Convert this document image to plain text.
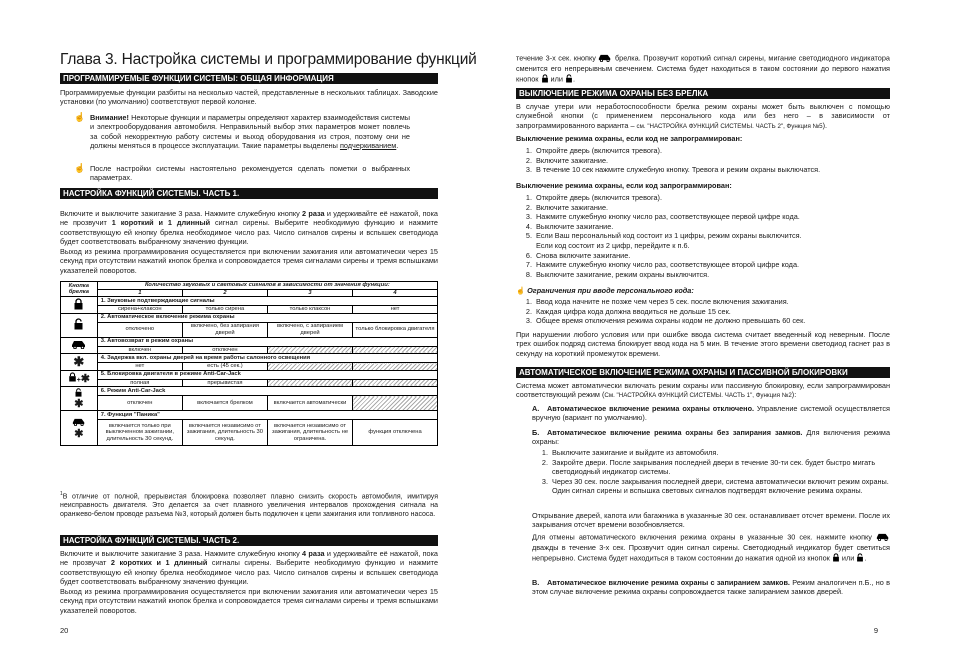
Глава 3. Настройка системы и программирование функций
ПРОГРАММИРУЕМЫЕ ФУНКЦИИ СИСТЕМЫ: ОБЩАЯ ИНФОРМАЦИЯ
Программируемые функции разбиты на несколько частей, представленные в нескольких таблицах. Заводские установки (по умолчанию) соответствуют первой колонке.
☝ Внимание! Некоторые функции и параметры определяют характер взаимодействия системы и электрооборудования автомобиля. Неправильный выбор этих параметров может повлечь за собой некорректную работу системы и выход оборудования из строя, поэтому они не должны меняться в процессе эксплуатации. Такие параметры выделены подчеркиванием.
☝ После настройки системы настоятельно рекомендуется сделать пометки о выбранных параметрах.
НАСТРОЙКА ФУНКЦИЙ СИСТЕМЫ. ЧАСТЬ 1.
Включите и выключите зажигание 3 раза. Нажмите служебную кнопку 2 раза и удерживайте её нажатой, пока не прозвучит 1 короткий и 1 длинный сигнал сирены. Выберите необходимую функцию и нажмите соответствующую ей кнопку брелка необходимое число раз. Число сигналов сирены и вспышек светодиода будет соответствовать выбранному значению функции.
Выход из режима программирования осуществляется при включении зажигания или автоматически через 15 секунд при отсутствии нажатий кнопок брелка и сопровождается тремя сигналами сирены и тремя вспышками указателей поворотов.
Кнопка брелка	Количество звуковых и световых сигналов в зависимости от значения функции:			
	1	2	3	4
	1. Звуковые подтверждающие сигналы			
	сирена+клаксон	только сирена	только клаксон	нет
	2. Автоматическое включение режима охраны			
	отключено	включено, без запирания дверей	включено, с запиранием дверей	только блокировка двигателя
	3. Автовозврат в режим охраны			
	включен	отключен		
✱	4. Задержка вкл. охраны дверей на время работы салонного освещения			
	нет	есть (45 сек.)		
+✱	5. Блокировка двигателя в режиме Anti-Car-Jack			
	полная	прерывистая		

✱	6. Режим Anti-Car-Jack			
	отключен	включается брелком	включается автоматически	

✱	7. Функция "Паника"			
	включается только при выключенном зажигании, длительность 30 секунд.	включается независимо от зажигания, длительность 30 секунд.	включается независимо от зажигания, длительность не ограничена.	функция отключена
$^1$В отличие от полной, прерывистая блокировка позволяет плавно снизить скорость автомобиля, имитируя неисправность двигателя. Это делается за счет плавного увеличения интервалов прохождения сигнала на оранжево-белом проводе разъема №3, который должен быть подключен к цепи зажигания или топливного насоса.
НАСТРОЙКА ФУНКЦИЙ СИСТЕМЫ. ЧАСТЬ 2.
Включите и выключите зажигание 3 раза. Нажмите служебную кнопку 4 раза и удерживайте её нажатой, пока не прозвучат 2 коротких и 1 длинный сигналы сирены. Выберите необходимую функцию и нажмите соответствующую ей кнопку брелка необходимое число раз. Число сигналов сирены и вспышек светодиода будет соответствовать выбранному значению функции.
Выход из режима программирования осуществляется при включении зажигания или автоматически через 15 секунд при отсутствии нажатий кнопок брелка и сопровождается тремя сигналами сирены и тремя вспышками указателей поворотов.
20
течение 3-х сек. кнопку  брелка. Прозвучит короткий сигнал сирены, мигание светодиодного индикатора сменится его непрерывным свечением. Система будет находиться в таком состоянии до первого нажатия кнопок  или .
ВЫКЛЮЧЕНИЕ РЕЖИМА ОХРАНЫ БЕЗ БРЕЛКА
В случае утери или неработоспособности брелка режим охраны может быть выключен с помощью служебной кнопки (с применением персонального кода или без него – в зависимости от запрограммированного варианта – см. "НАСТРОЙКА ФУНКЦИЙ СИСТЕМЫ. ЧАСТЬ 2", Функция №5).
Выключение режима охраны, если код не запрограммирован:
1. Откройте дверь (включится тревога).
2. Включите зажигание.
3. В течение 10 сек нажмите служебную кнопку. Тревога и режим охраны выключатся.
Выключение режима охраны, если код запрограммирован:
1. Откройте дверь (включится тревога).
2. Включите зажигание.
3. Нажмите служебную кнопку число раз, соответствующее первой цифре кода.
4. Выключите зажигание.
5. Если Ваш персональный код состоит из 1 цифры, режим охраны выключится.
Если код состоит из 2 цифр, перейдите к п.6.
6. Снова включите зажигание.
7. Нажмите служебную кнопку число раз, соответствующее второй цифре кода.
8. Выключите зажигание, режим охраны выключится.
☝ Ограничения при вводе персонального кода:
1. Ввод кода начните не позже чем через 5 сек. после включения зажигания.
2. Каждая цифра кода должна вводиться не дольше 15 сек.
3. Общее время отключения режима охраны кодом не должно превышать 60 сек.
При нарушении любого условия или при ошибке ввода система считает введенный код неверным. После трех ошибок подряд система блокирует ввод кода на 5 мин. В течение этого времени светодиод гаснет раз в секунду на короткий промежуток времени.
АВТОМАТИЧЕСКОЕ ВКЛЮЧЕНИЕ РЕЖИМА ОХРАНЫ И ПАССИВНОЙ БЛОКИРОВКИ
Система может автоматически включать режим охраны или пассивную блокировку, если запрограммирован соответствующий режим (См. "НАСТРОЙКА ФУНКЦИЙ СИСТЕМЫ. ЧАСТЬ 1", Функция №2):
А.	Автоматическое включение режима охраны отключено. Управление системой осуществляется вручную (вариант по умолчанию).
Б.	Автоматическое включение режима охраны без запирания замков. Для включения режима охраны:
1. Выключите зажигание и выйдите из автомобиля.
2. Закройте двери. После закрывания последней двери в течение 30-ти сек. будет быстро мигать светодиодный индикатор системы.
3. Через 30 сек. после закрывания последней двери, система автоматически включит режим охраны. Один сигнал сирены и вспышка световых сигналов подтвердят включение режима охраны.
Открывание дверей, капота или багажника в указанные 30 сек. останавливает отсчет времени. После их закрывания отсчет времени возобновляется.
Для отмены автоматического включения режима охраны в указанные 30 сек. нажмите кнопку  дважды в течение 3-х сек. Прозвучит один сигнал сирены. Светодиодный индикатор будет светиться непрерывно. Система будет находиться в таком состоянии до нажатия одной из кнопок  или .
В.	Автоматическое включение режима охраны с запиранием замков. Режим аналогичен п.Б., но в этом случае включение режима охраны сопровождается также запиранием замков дверей.
9
